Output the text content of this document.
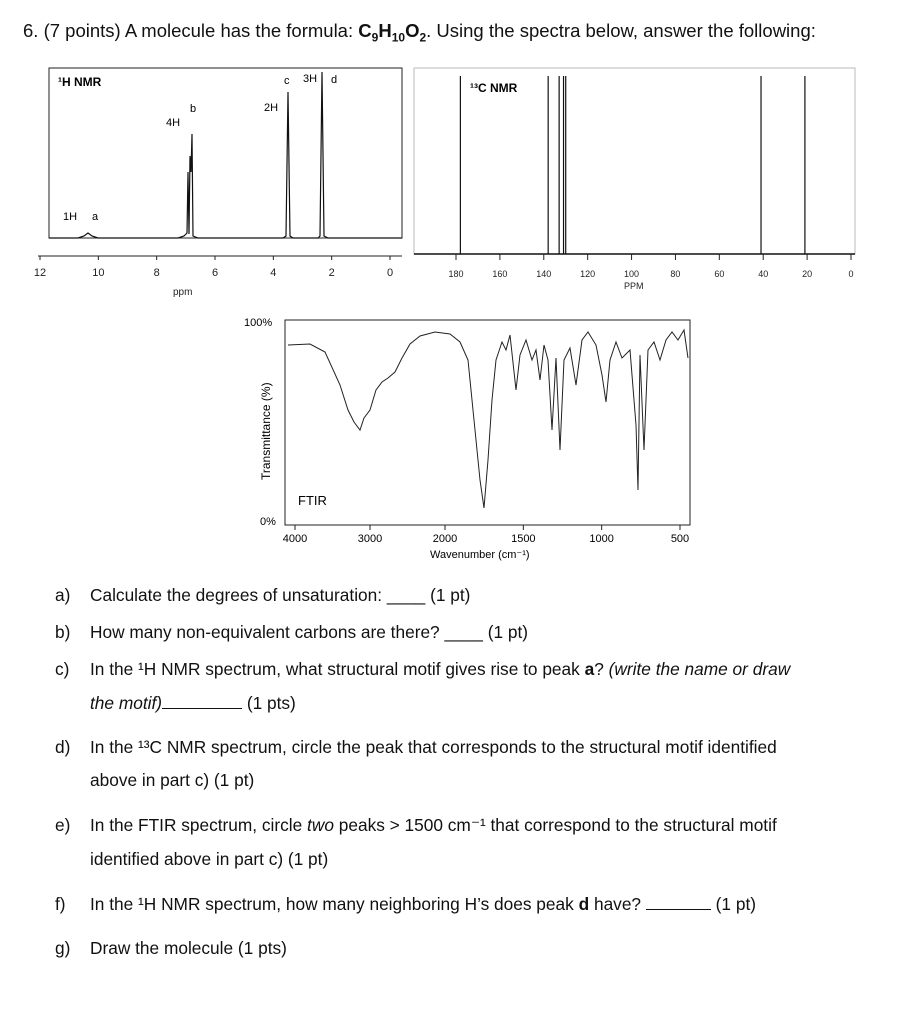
6. (7 points) A molecule has the formula: $C_9H_{10}O_2$. Using the spectra below, answer the following:
¹H NMR
1H a
4H
b	2H
c 3H d
12	10	8	6	4	2	0
ppm
¹³C NMR
180	160	140	120	100	80	60	40	20	0
PPM
100%
0%
Transmittance (%)
FTIR
4000	3000	2000	1500	1000	500
Wavenumber (cm⁻¹)
a) Calculate the degrees of unsaturation: ____ (1 pt)
b) How many non-equivalent carbons are there? ____ (1 pt)
c) In the ¹H NMR spectrum, what structural motif gives rise to peak a? (write the name or draw
the motif)	(1 pts)
d) In the ¹³C NMR spectrum, circle the peak that corresponds to the structural motif identified
above in part c) (1 pt)
e) In the FTIR spectrum, circle two peaks > 1500 cm⁻¹ that correspond to the structural motif
identified above in part c) (1 pt)
f) In the ¹H NMR spectrum, how many neighboring H’s does peak d have?	(1 pt)
g) Draw the molecule (1 pts)
